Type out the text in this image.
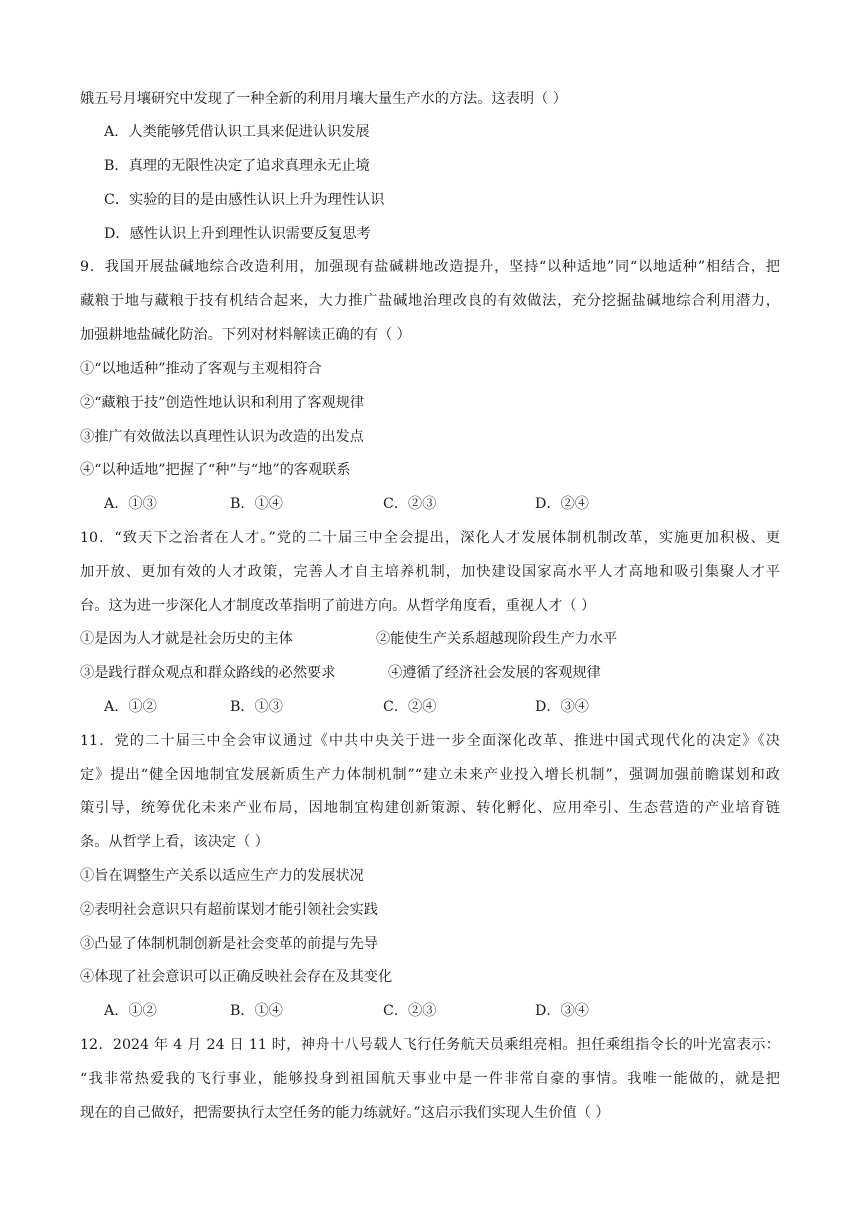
娥五号月壤研究中发现了一种全新的利用月壤大量生产水的方法。这表明（ ）
A．人类能够凭借认识工具来促进认识发展
B．真理的无限性决定了追求真理永无止境
C．实验的目的是由感性认识上升为理性认识
D．感性认识上升到理性认识需要反复思考
9．我国开展盐碱地综合改造利用，加强现有盐碱耕地改造提升，坚持“以种适地”同“以地适种”相结合，把
藏粮于地与藏粮于技有机结合起来，大力推广盐碱地治理改良的有效做法，充分挖掘盐碱地综合利用潜力，
加强耕地盐碱化防治。下列对材料解读正确的有（ ）
①“以地适种”推动了客观与主观相符合
②“藏粮于技”创造性地认识和利用了客观规律
③推广有效做法以真理性认识为改造的出发点
④“以种适地”把握了“种”与“地”的客观联系
A．①③	B．①④	C．②③	D．②④
10．“致天下之治者在人才。”党的二十届三中全会提出，深化人才发展体制机制改革，实施更加积极、更
加开放、更加有效的人才政策，完善人才自主培养机制，加快建设国家高水平人才高地和吸引集聚人才平
台。这为进一步深化人才制度改革指明了前进方向。从哲学角度看，重视人才（ ）
①是因为人才就是社会历史的主体	②能使生产关系超越现阶段生产力水平
③是践行群众观点和群众路线的必然要求	④遵循了经济社会发展的客观规律
A．①②	B．①③	C．②④	D．③④
11．党的二十届三中全会审议通过《中共中央关于进一步全面深化改革、推进中国式现代化的决定》《决
定》提出“健全因地制宜发展新质生产力体制机制”“建立未来产业投入增长机制”，强调加强前瞻谋划和政
策引导，统筹优化未来产业布局，因地制宜构建创新策源、转化孵化、应用牵引、生态营造的产业培育链
条。从哲学上看，该决定（ ）
①旨在调整生产关系以适应生产力的发展状况
②表明社会意识只有超前谋划才能引领社会实践
③凸显了体制机制创新是社会变革的前提与先导
④体现了社会意识可以正确反映社会存在及其变化
A．①②	B．①④	C．②③	D．③④
12．2024 年 4 月 24 日 11 时，神舟十八号载人飞行任务航天员乘组亮相。担任乘组指令长的叶光富表示：
“我非常热爱我的飞行事业，能够投身到祖国航天事业中是一件非常自豪的事情。我唯一能做的，就是把
现在的自己做好，把需要执行太空任务的能力练就好。”这启示我们实现人生价值（ ）
